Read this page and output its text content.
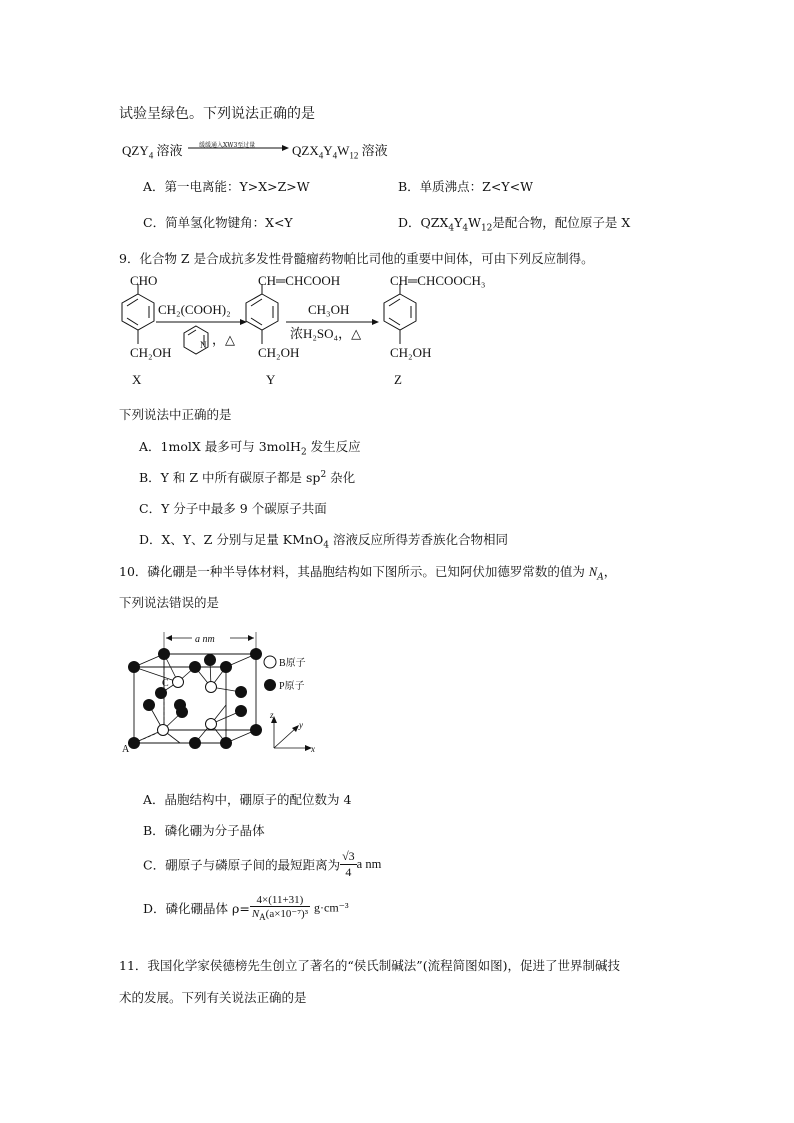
试验呈绿色。下列说法正确的是
$QZY_4$ 溶液	缓缓通入XW3至过量	$QZX_4Y_4W_{12}$ 溶液
A．第一电离能：Y>X>Z>W	B．单质沸点：Z<Y<W
C．简单氢化物键角：X<Y	D．$QZX_4Y_4W_{12}$是配合物，配位原子是 X
9．化合物 Z 是合成抗多发性骨髓瘤药物帕比司他的重要中间体，可由下列反应制得。
CHO
CH₂OH
X
CH₂(COOH)₂
N ，△
CH═CHCOOH
CH₂OH
Y
CH₃OH
浓H₂SO₄，△
CH═CHCOOCH₃
CH₂OH
Z
下列说法中正确的是
A．1molX 最多可与 3molH$_2$ 发生反应
B．Y 和 Z 中所有碳原子都是 $sp^2$ 杂化
C．Y 分子中最多 9 个碳原子共面
D．X、Y、Z 分别与足量 KMnO$_4$ 溶液反应所得芳香族化合物相同
10．磷化硼是一种半导体材料，其晶胞结构如下图所示。已知阿伏加德罗常数的值为 $N_A$，
下列说法错误的是
a nm
C
A
B原子
P原子
z
y
x
A．晶胞结构中，硼原子的配位数为 4
B．磷化硼为分子晶体
C．硼原子与磷原子间的最短距离为 $\frac{√3}{4}$ a nm
D．磷化硼晶体 $\rho= \frac{4\times(11+31)}{N_A(a\times 10^{-7})^3} g\cdot cm^{-3}$
11．我国化学家侯德榜先生创立了著名的“侯氏制碱法”(流程简图如图)，促进了世界制碱技
术的发展。下列有关说法正确的是
